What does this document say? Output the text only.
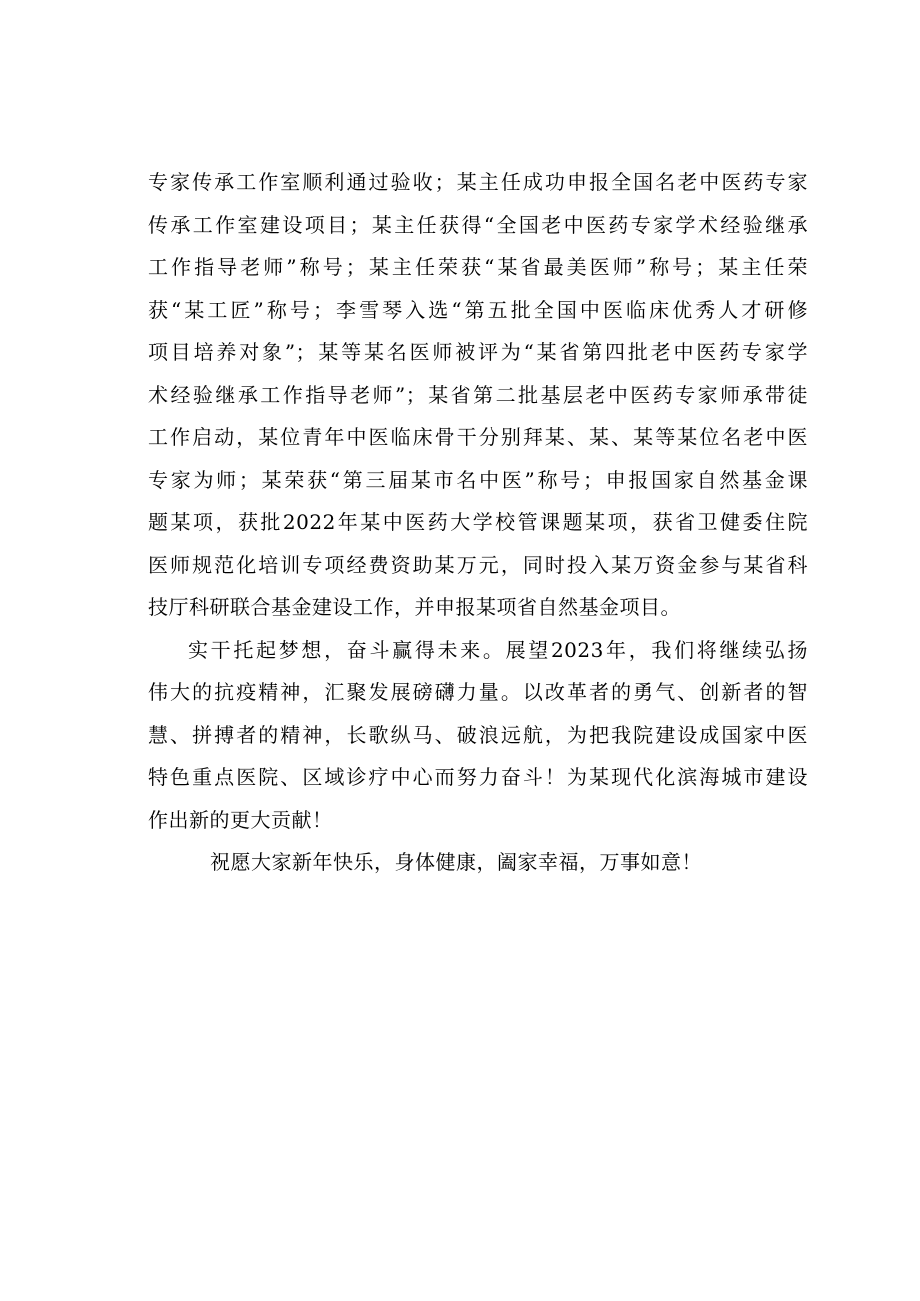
专家传承工作室顺利通过验收；某主任成功申报全国名老中医药专家
传承工作室建设项目；某主任获得“全国老中医药专家学术经验继承
工作指导老师”称号；某主任荣获“某省最美医师”称号；某主任荣
获“某工匠”称号；李雪琴入选“第五批全国中医临床优秀人才研修
项目培养对象”；某等某名医师被评为“某省第四批老中医药专家学
术经验继承工作指导老师”；某省第二批基层老中医药专家师承带徒
工作启动，某位青年中医临床骨干分别拜某、某、某等某位名老中医
专家为师；某荣获“第三届某市名中医”称号；申报国家自然基金课
题某项，获批2022年某中医药大学校管课题某项，获省卫健委住院
医师规范化培训专项经费资助某万元，同时投入某万资金参与某省科
技厅科研联合基金建设工作，并申报某项省自然基金项目。
实干托起梦想，奋斗赢得未来。展望2023年，我们将继续弘扬
伟大的抗疫精神，汇聚发展磅礴力量。以改革者的勇气、创新者的智
慧、拼搏者的精神，长歌纵马、破浪远航，为把我院建设成国家中医
特色重点医院、区域诊疗中心而努力奋斗！为某现代化滨海城市建设
作出新的更大贡献！
祝愿大家新年快乐，身体健康，阖家幸福，万事如意！
